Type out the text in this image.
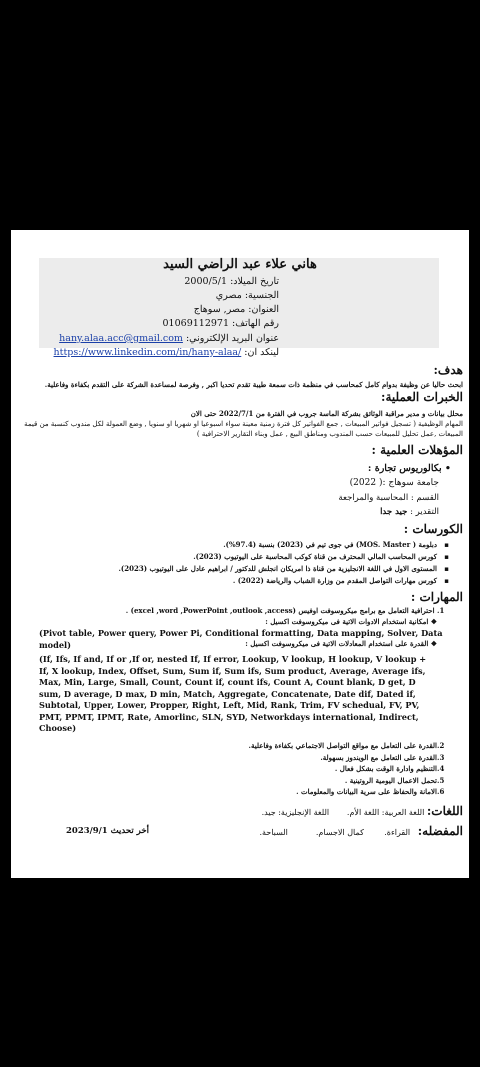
هاني علاء عبد الراضي السيد
تاريخ الميلاد: 2000/5/1
الجنسية: مصري
العنوان: مصر, سوهاج
رقم الهاتف: 01069112971
عنوان البريد الإلكتروني: hany.alaa.acc@gmail.com
لينكد ان: https://www.linkedin.com/in/hany-alaa/
هدف:
ابحث حاليا عن وظيفة بدوام كامل كمحاسب في منظمة ذات سمعة طيبة تقدم تحديا اكبر , وفرصة لمساعدة الشركة على التقدم بكفاءة وفاعلية.
الخبرات العملية:
محلل بيانات و مدير مراقبة الوثائق بشركة الماسة جروب في الفترة من 2022/7/1 حتى الان
المهام الوظيفية ( تسجيل فواتير المبيعات , جمع الفواتير كل فترة زمنية معينة سواء اسبوعيا او شهريا او سنويا , وضع العمولة لكل مندوب كنسبة من قيمة المبيعات ,عمل تحليل للمبيعات حسب المندوب ومناطق البيع , عمل وبناء التقارير الاحترافية )
المؤهلات العلمية :
• بكالوريوس تجارة :
جامعة سوهاج :( 2022)
القسم : المحاسبة والمراجعة
التقدير : جيد جدا
الكورسات :
▪ دبلومة ( MOS. Master) في جوى تيم في (2023) بنسبة (97.4%).
▪ كورس المحاسب المالي المحترف من قناة كوكب المحاسبة على اليوتيوب (2023).
▪ المستوى الاول في اللغة الانجليزية من قناة ذا امريكان انجلش للدكتور / ابراهيم عادل على اليوتيوب (2023).
▪ كورس مهارات التواصل المقدم من وزارة الشباب والرياضة (2022) .
المهارات :
1. احترافية التعامل مع برامج ميكروسوفت اوفيس (excel ,word ,PowerPoint ,outlook ,access) .
❖ امكانية استخدام الادوات الاتية فى ميكروسوفت اكسيل :
(Pivot table, Power query, Power Pi, Conditional formatting, Data mapping, Solver, Data model)	❖ القدرة على استخدام المعادلات الاتية فى ميكروسوفت اكسيل :
(If, Ifs, If and, If or ,If or, nested If, If error, Lookup, V lookup, H lookup, V lookup + If, X lookup, Index, Offset, Sum, Sum if, Sum ifs, Sum product, Average, Average ifs, Max, Min, Large, Small, Count, Count if, count ifs, Count A, Count blank, D get, D sum, D average, D max, D min, Match, Aggregate, Concatenate, Date dif, Dated if, Subtotal, Upper, Lower, Propper, Right, Left, Mid, Rank, Trim, FV schedual, FV, PV, PMT, PPMT, IPMT, Rate, Amorlinc, SLN, SYD, Networkdays international, Indirect, Choose)
2.القدرة على التعامل مع مواقع التواصل الاجتماعي بكفاءة وفاعلية.
3.القدرة على التعامل مع الويندوز بسهولة.
4.التنظيم وادارة الوقت بشكل فعال .
5.تحمل الاعمال اليومية الروتينية .
6.الامانة والحفاظ على سرية البيانات والمعلومات .
اللغات: اللغة العربية: اللغة الأم.       اللغة الإنجليزية: جيد.
المفضله:   القراءة.        كمال الاجسام.           السباحة.
أخر تحديث 2023/9/1
